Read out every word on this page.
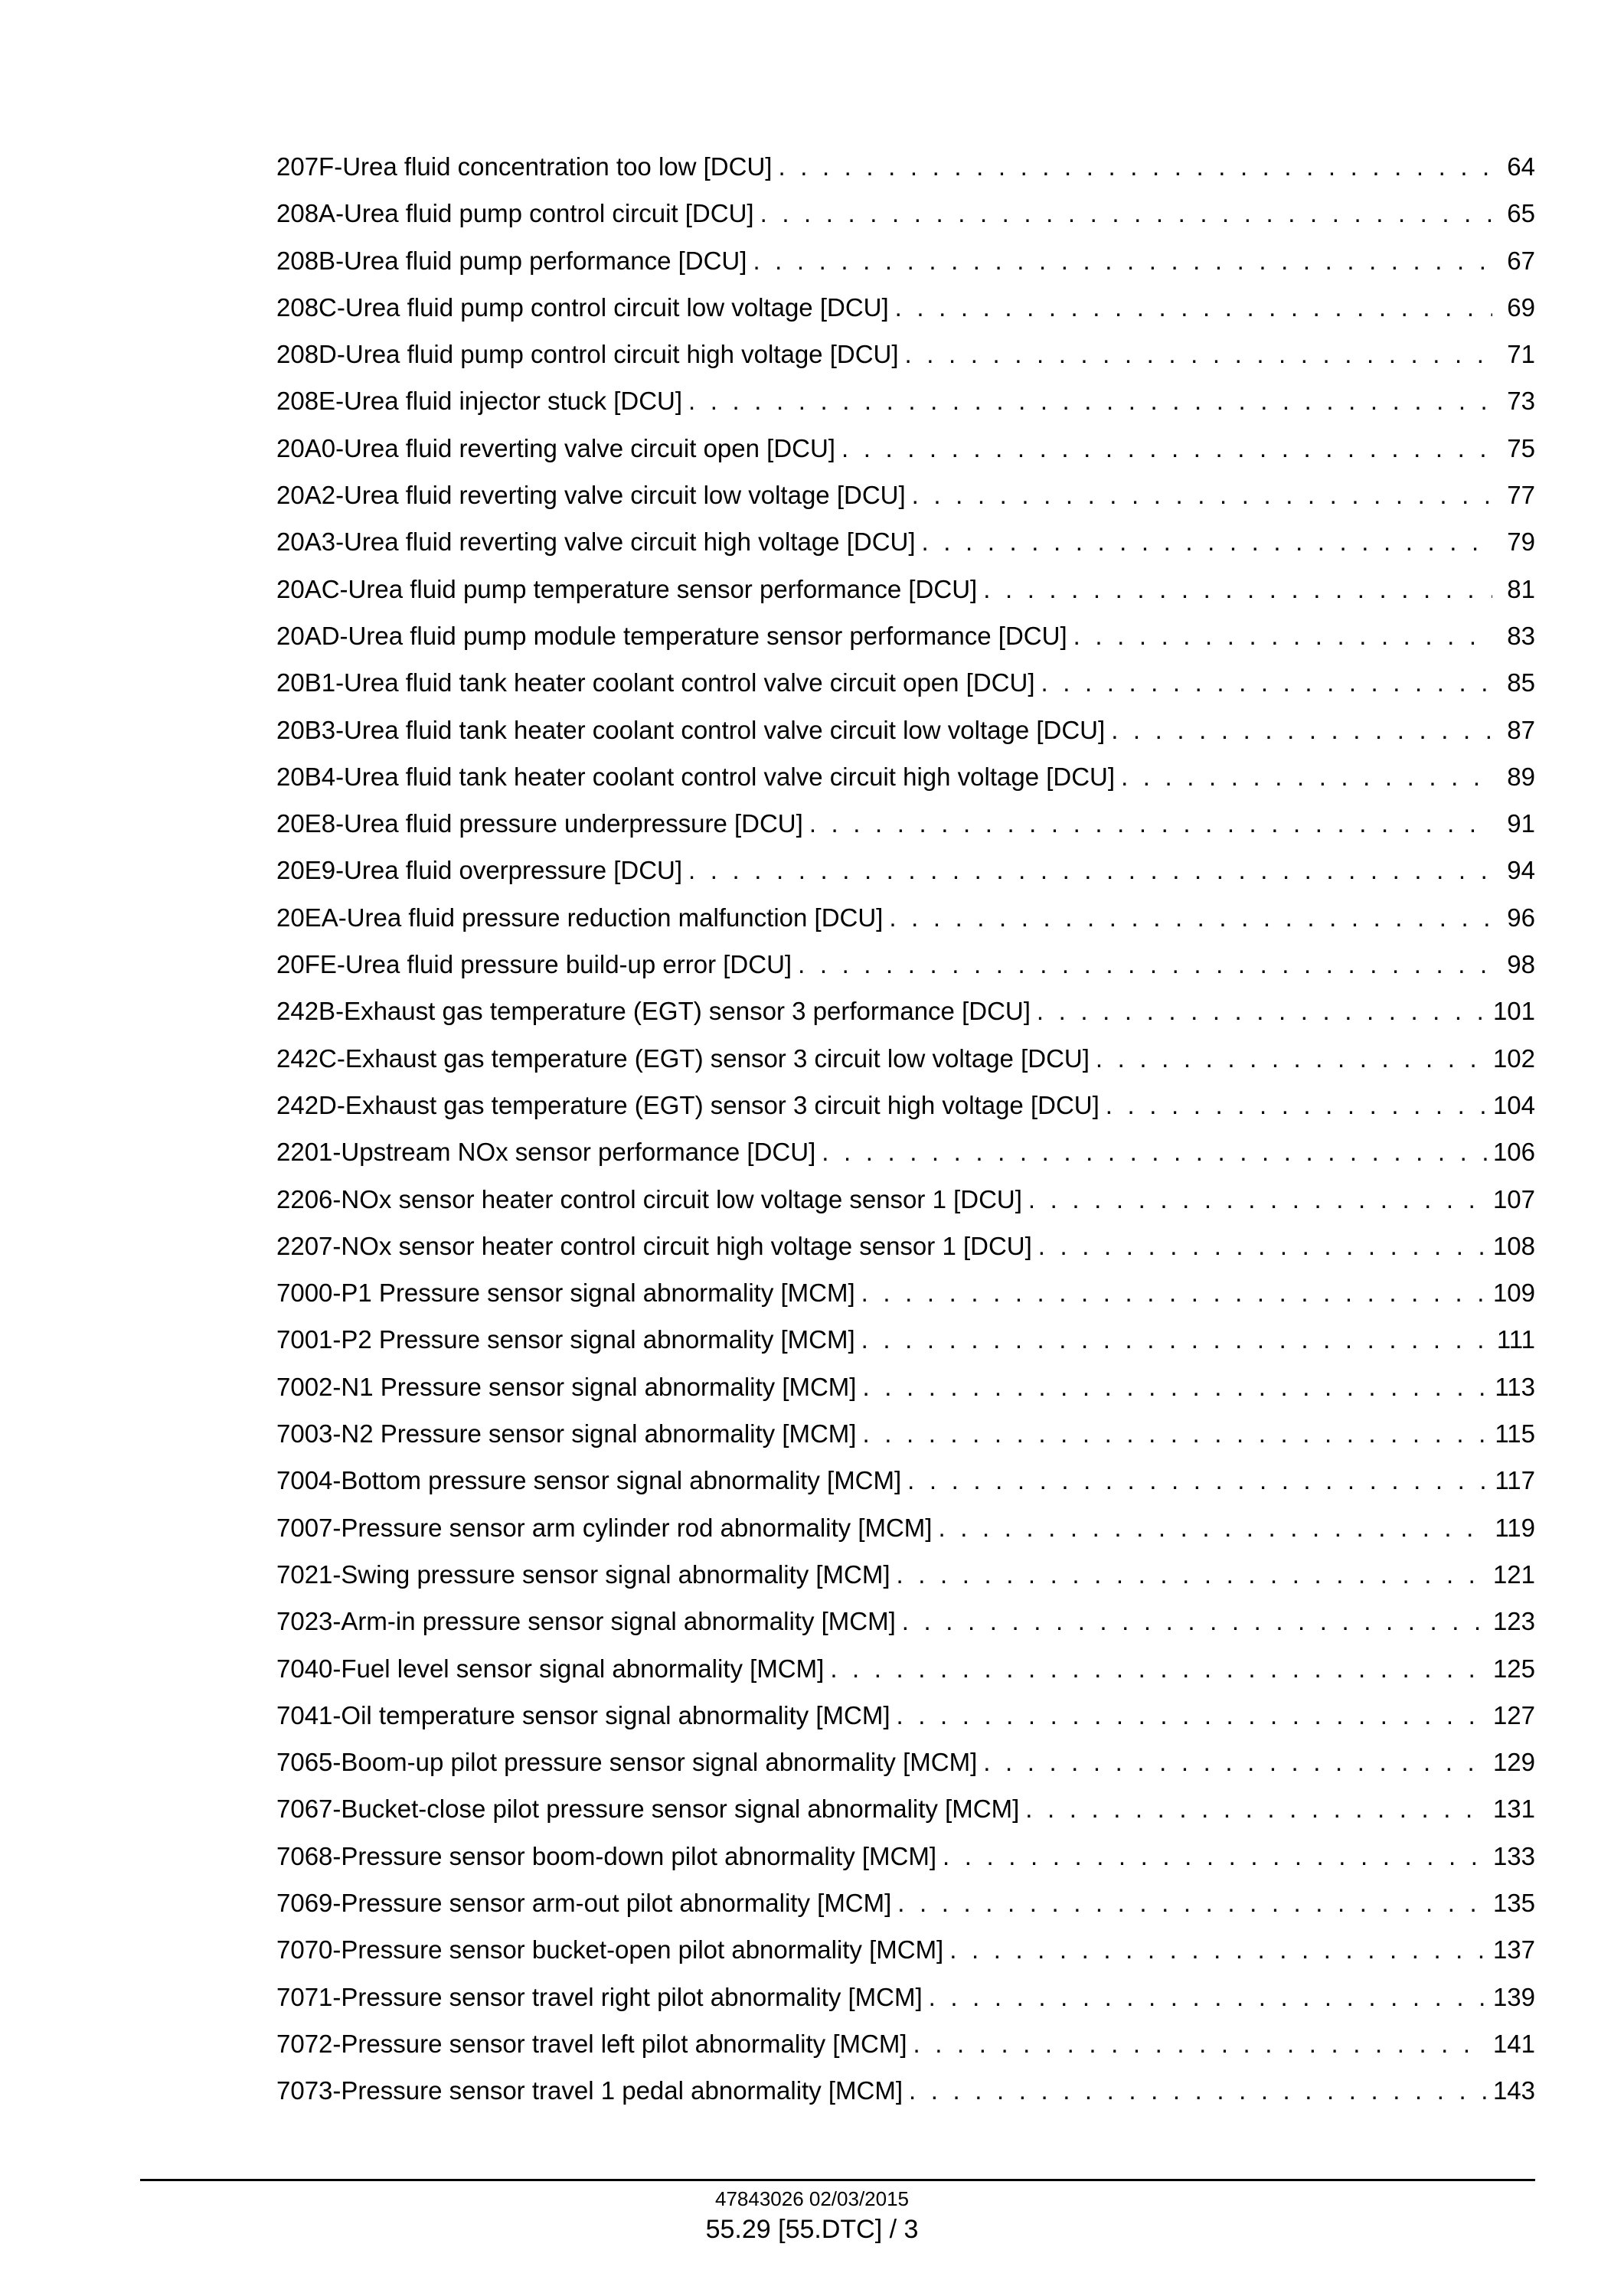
207F-Urea fluid concentration too low [DCU] . . .	64
208A-Urea fluid pump control circuit [DCU] . . .	65
208B-Urea fluid pump performance [DCU] . . .	67
208C-Urea fluid pump control circuit low voltage [DCU] . . .	69
208D-Urea fluid pump control circuit high voltage [DCU] . . .	71
208E-Urea fluid injector stuck [DCU] . . .	73
20A0-Urea fluid reverting valve circuit open [DCU] . . .	75
20A2-Urea fluid reverting valve circuit low voltage [DCU] . . .	77
20A3-Urea fluid reverting valve circuit high voltage [DCU] . . .	79
20AC-Urea fluid pump temperature sensor performance [DCU] . . .	81
20AD-Urea fluid pump module temperature sensor performance [DCU] . . .	83
20B1-Urea fluid tank heater coolant control valve circuit open [DCU] . . .	85
20B3-Urea fluid tank heater coolant control valve circuit low voltage [DCU] . . .	87
20B4-Urea fluid tank heater coolant control valve circuit high voltage [DCU] . . .	89
20E8-Urea fluid pressure underpressure [DCU] . . .	91
20E9-Urea fluid overpressure [DCU] . . .	94
20EA-Urea fluid pressure reduction malfunction [DCU] . . .	96
20FE-Urea fluid pressure build-up error [DCU] . . .	98
242B-Exhaust gas temperature (EGT) sensor 3 performance [DCU] . . .	101
242C-Exhaust gas temperature (EGT) sensor 3 circuit low voltage [DCU] . . .	102
242D-Exhaust gas temperature (EGT) sensor 3 circuit high voltage [DCU] . . .	104
2201-Upstream NOx sensor performance [DCU] . . .	106
2206-NOx sensor heater control circuit low voltage sensor 1 [DCU] . . .	107
2207-NOx sensor heater control circuit high voltage sensor 1 [DCU] . . .	108
7000-P1 Pressure sensor signal abnormality [MCM] . . .	109
7001-P2 Pressure sensor signal abnormality [MCM] . . .	111
7002-N1 Pressure sensor signal abnormality [MCM] . . .	113
7003-N2 Pressure sensor signal abnormality [MCM] . . .	115
7004-Bottom pressure sensor signal abnormality [MCM] . . .	117
7007-Pressure sensor arm cylinder rod abnormality [MCM] . . .	119
7021-Swing pressure sensor signal abnormality [MCM] . . .	121
7023-Arm-in pressure sensor signal abnormality [MCM] . . .	123
7040-Fuel level sensor signal abnormality [MCM] . . .	125
7041-Oil temperature sensor signal abnormality [MCM] . . .	127
7065-Boom-up pilot pressure sensor signal abnormality [MCM] . . .	129
7067-Bucket-close pilot pressure sensor signal abnormality [MCM] . . .	131
7068-Pressure sensor boom-down pilot abnormality [MCM] . . .	133
7069-Pressure sensor arm-out pilot abnormality [MCM] . . .	135
7070-Pressure sensor bucket-open pilot abnormality [MCM] . . .	137
7071-Pressure sensor travel right pilot abnormality [MCM] . . .	139
7072-Pressure sensor travel left pilot abnormality [MCM] . . .	141
7073-Pressure sensor travel 1 pedal abnormality [MCM] . . .	143
47843026 02/03/2015
55.29 [55.DTC] / 3
